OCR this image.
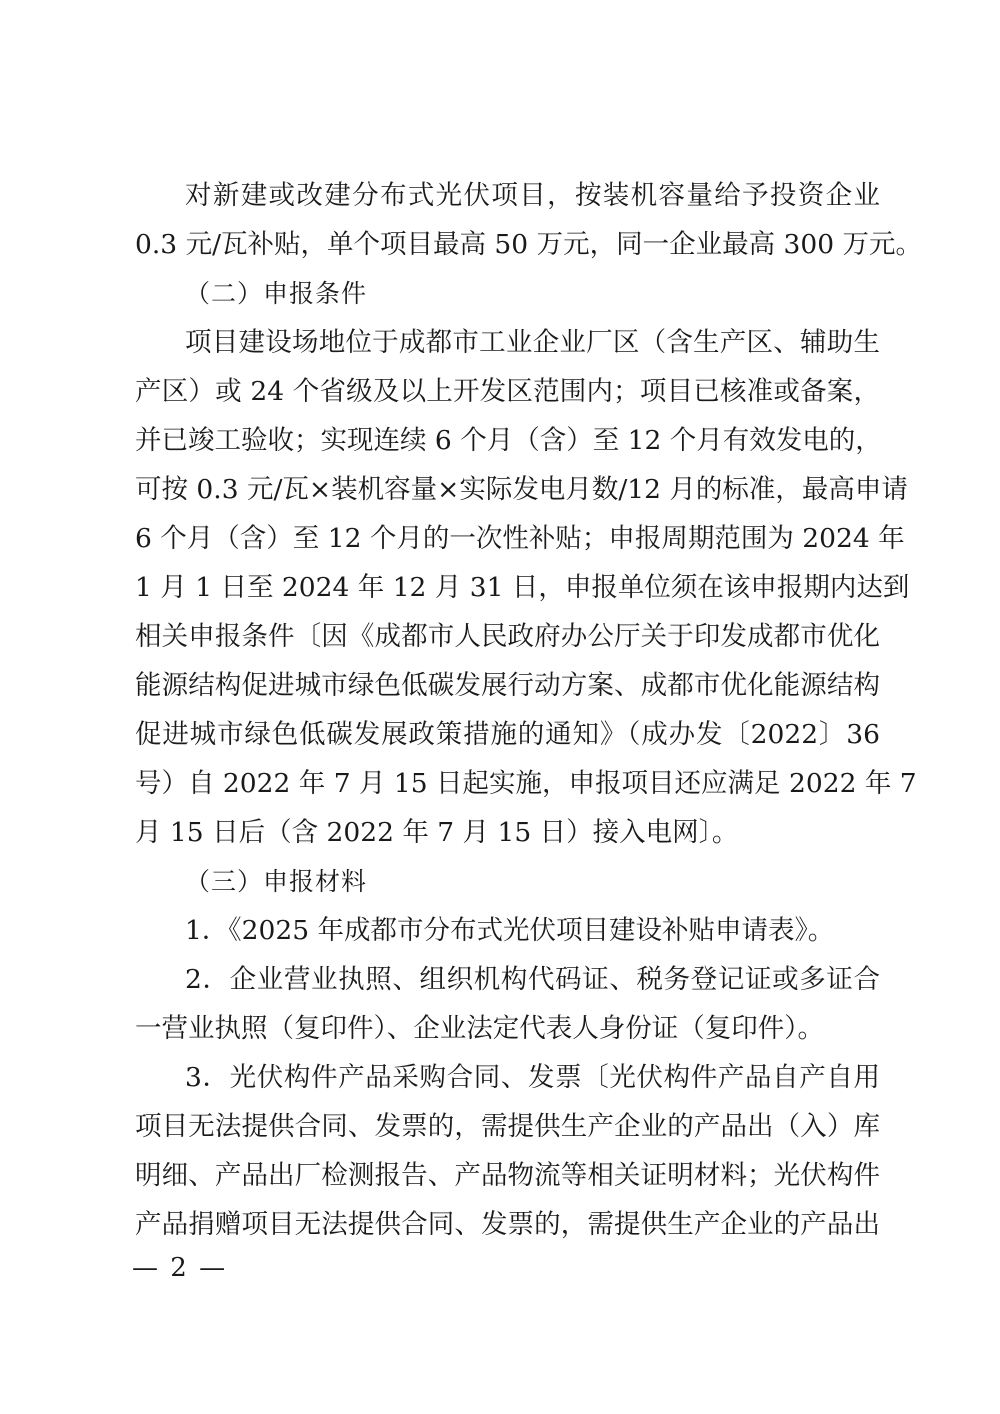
对新建或改建分布式光伏项目，按装机容量给予投资企业
0.3 元/瓦补贴，单个项目最高 50 万元，同一企业最高 300 万元。
（二）申报条件
项目建设场地位于成都市工业企业厂区（含生产区、辅助生
产区）或 24 个省级及以上开发区范围内；项目已核准或备案，
并已竣工验收；实现连续 6 个月（含）至 12 个月有效发电的，
可按 0.3 元/瓦×装机容量×实际发电月数/12 月的标准，最高申请
6 个月（含）至 12 个月的一次性补贴；申报周期范围为 2024 年
1 月 1 日至 2024 年 12 月 31 日，申报单位须在该申报期内达到
相关申报条件〔因《成都市人民政府办公厅关于印发成都市优化
能源结构促进城市绿色低碳发展行动方案、成都市优化能源结构
促进城市绿色低碳发展政策措施的通知》（成办发〔2022〕36
号）自 2022 年 7 月 15 日起实施，申报项目还应满足 2022 年 7
月 15 日后（含 2022 年 7 月 15 日）接入电网〕。
（三）申报材料
1．《2025 年成都市分布式光伏项目建设补贴申请表》。
2．企业营业执照、组织机构代码证、税务登记证或多证合
一营业执照（复印件）、企业法定代表人身份证（复印件）。
3．光伏构件产品采购合同、发票〔光伏构件产品自产自用
项目无法提供合同、发票的，需提供生产企业的产品出（入）库
明细、产品出厂检测报告、产品物流等相关证明材料；光伏构件
产品捐赠项目无法提供合同、发票的，需提供生产企业的产品出
— 2 —
